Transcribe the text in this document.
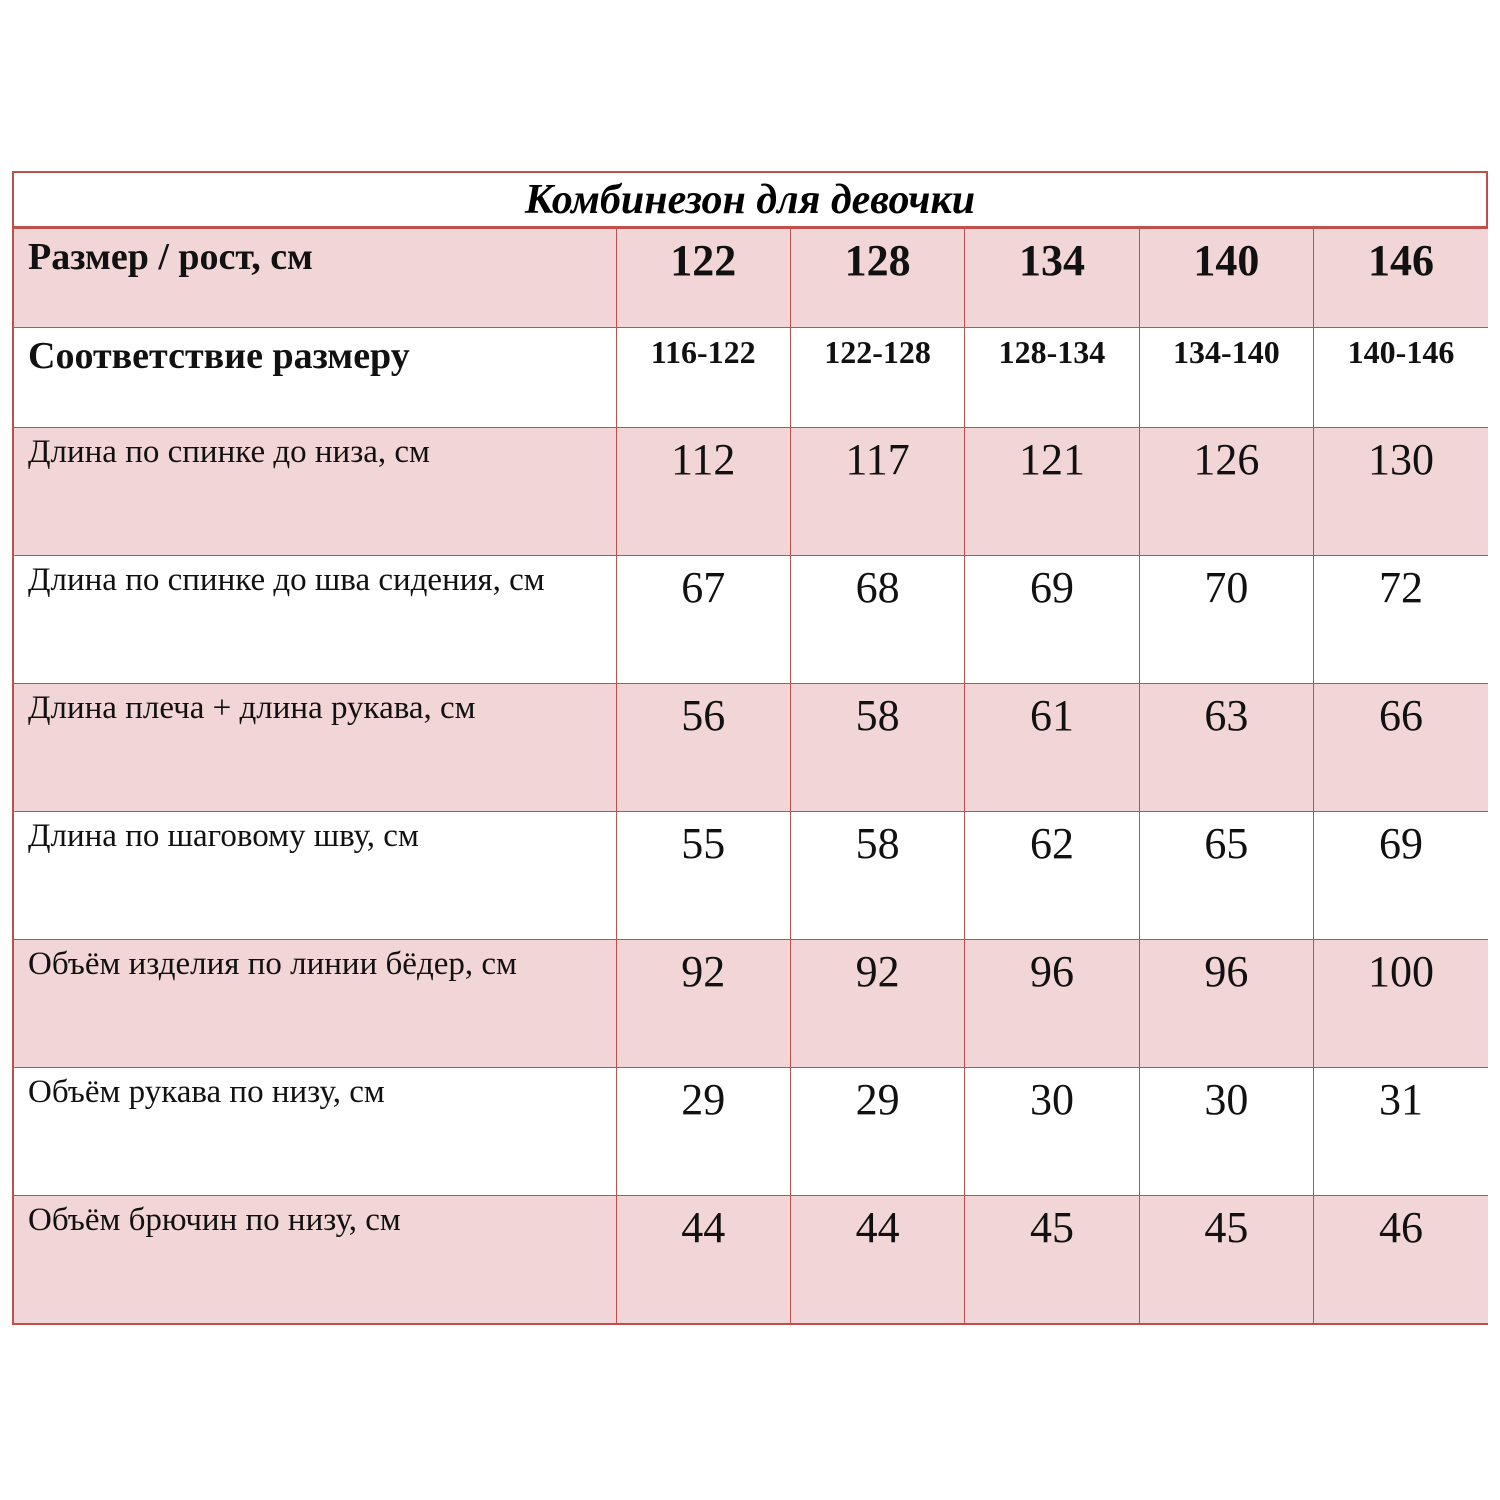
Комбинезон для девочки
Размер / рост, см	122	128	134	140	146
Соответствие размеру	116-122	122-128	128-134	134-140	140-146
Длина по спинке до низа, см	112	117	121	126	130
Длина по спинке до шва сидения, см	67	68	69	70	72
Длина плеча + длина рукава, см	56	58	61	63	66
Длина по шаговому шву, см	55	58	62	65	69
Объём изделия по линии бёдер, см	92	92	96	96	100
Объём рукава по низу, см	29	29	30	30	31
Объём брючин по низу, см	44	44	45	45	46
